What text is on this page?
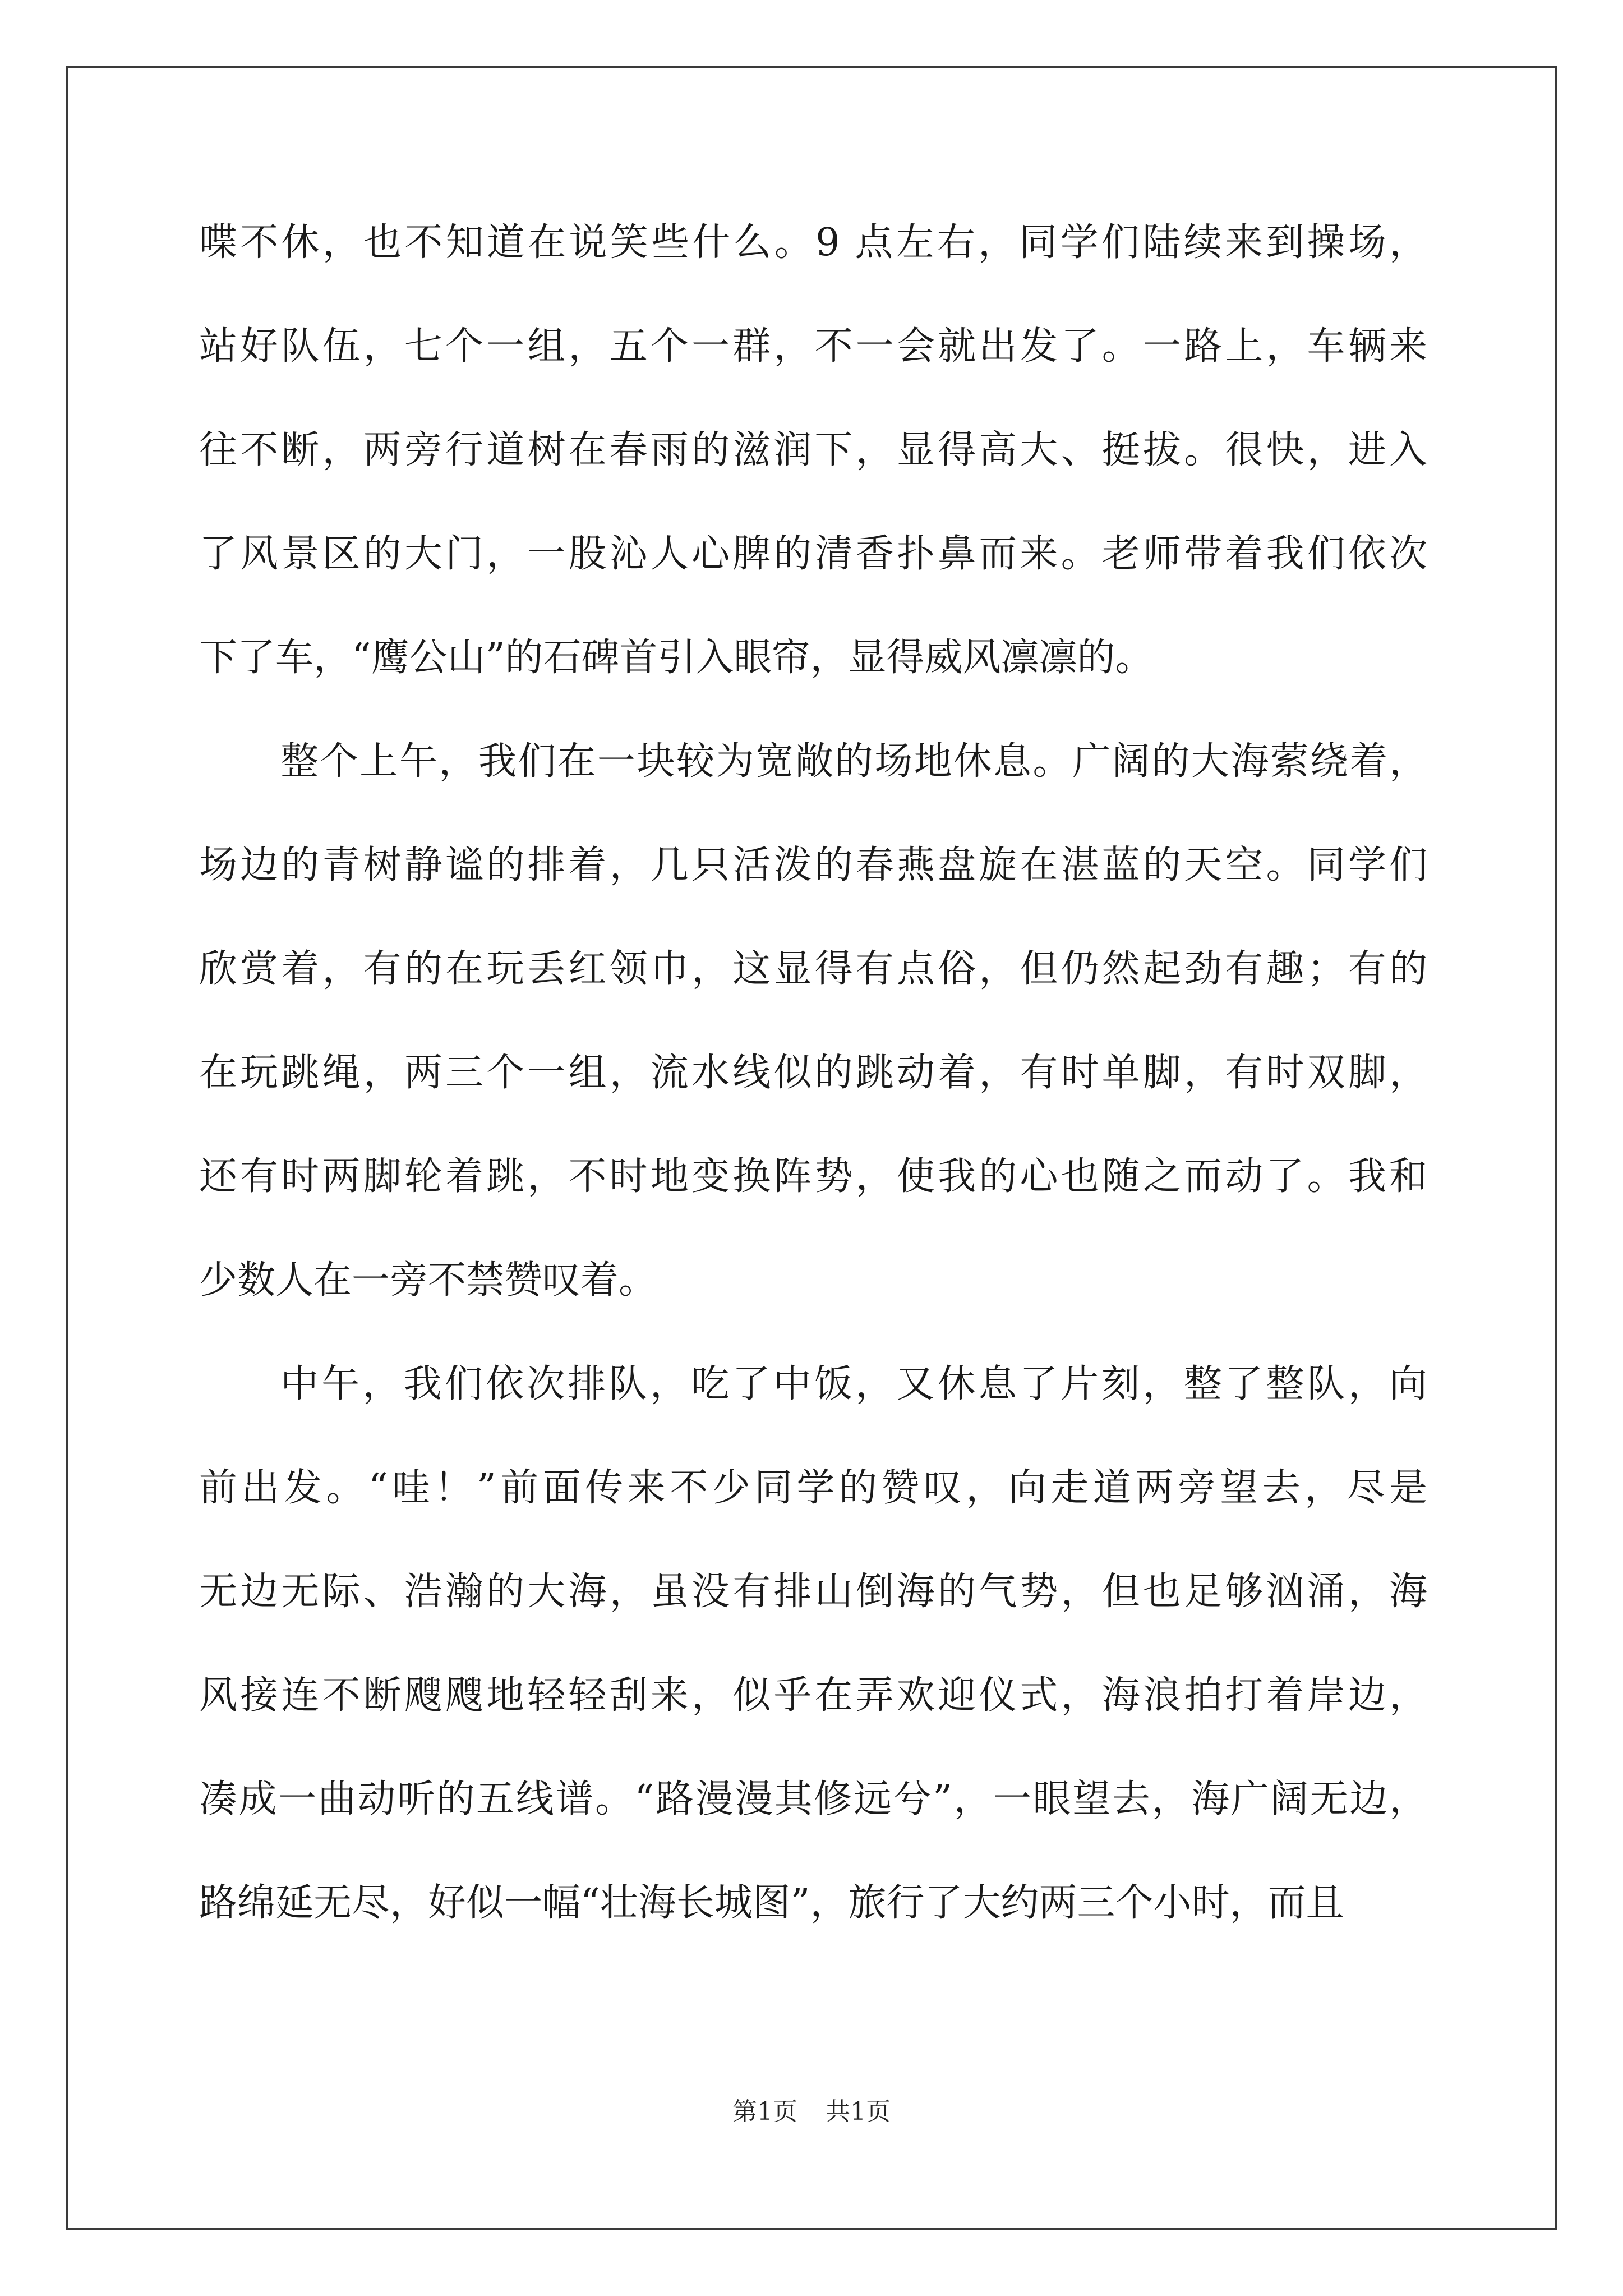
喋不休，也不知道在说笑些什么。9 点左右，同学们陆续来到操场，
站好队伍，七个一组，五个一群，不一会就出发了。一路上，车辆来
往不断，两旁行道树在春雨的滋润下，显得高大、挺拔。很快，进入
了风景区的大门，一股沁人心脾的清香扑鼻而来。老师带着我们依次
下了车，“鹰公山”的石碑首引入眼帘，显得威风凛凛的。
整个上午，我们在一块较为宽敞的场地休息。广阔的大海萦绕着，
场边的青树静谧的排着，几只活泼的春燕盘旋在湛蓝的天空。同学们
欣赏着，有的在玩丢红领巾，这显得有点俗，但仍然起劲有趣；有的
在玩跳绳，两三个一组，流水线似的跳动着，有时单脚，有时双脚，
还有时两脚轮着跳，不时地变换阵势，使我的心也随之而动了。我和
少数人在一旁不禁赞叹着。
中午，我们依次排队，吃了中饭，又休息了片刻，整了整队，向
前出发。“哇！”前面传来不少同学的赞叹，向走道两旁望去，尽是
无边无际、浩瀚的大海，虽没有排山倒海的气势，但也足够汹涌，海
风接连不断飕飕地轻轻刮来，似乎在弄欢迎仪式，海浪拍打着岸边，
凑成一曲动听的五线谱。“路漫漫其修远兮”，一眼望去，海广阔无边，
路绵延无尽，好似一幅“壮海长城图”，旅行了大约两三个小时，而且
第1页 共1页
